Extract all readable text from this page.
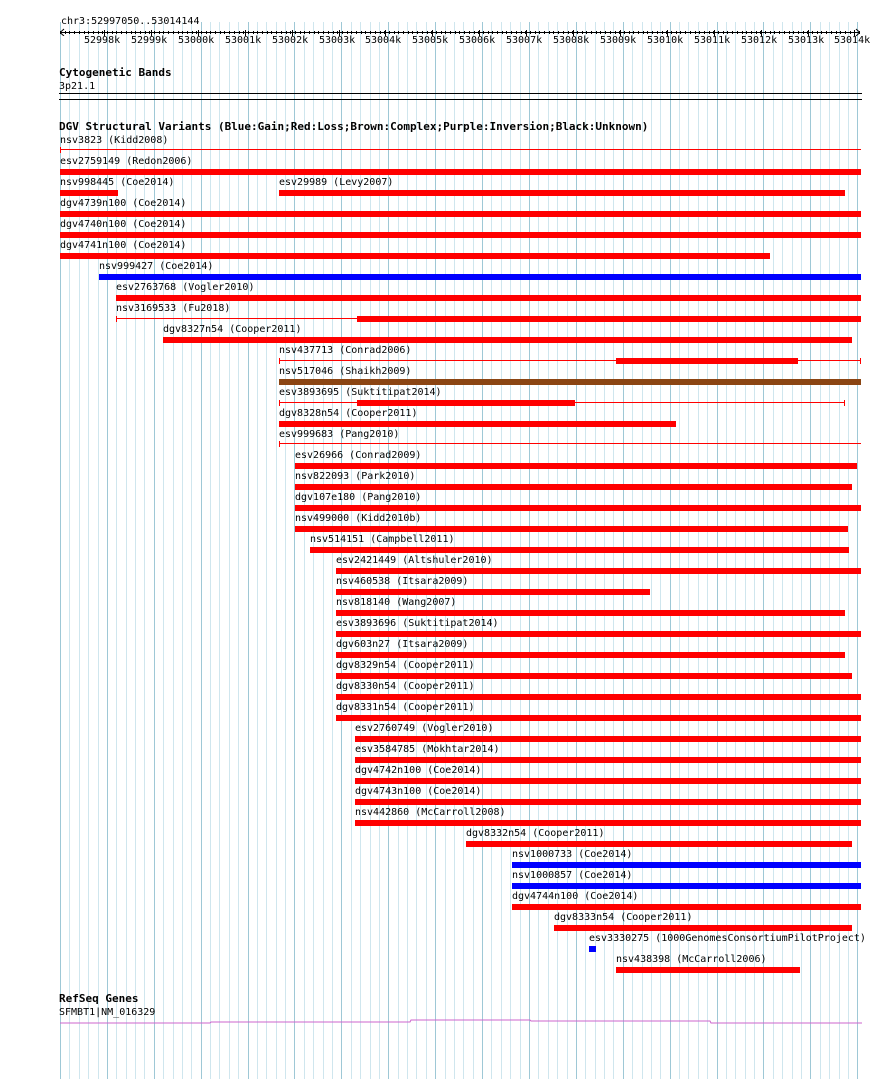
chr3:52997050..53014144
52998k 52999k 53000k 53001k 53002k 53003k 53004k 53005k 53006k 53007k 53008k 53009k 53010k 53011k 53012k 53013k 53014k
Cytogenetic Bands
3p21.1
DGV Structural Variants (Blue:Gain;Red:Loss;Brown:Complex;Purple:Inversion;Black:Unknown)
nsv3823 (Kidd2008)
esv2759149 (Redon2006)
nsv998445 (Coe2014)	esv29989 (Levy2007)
dgv4739n100 (Coe2014)
dgv4740n100 (Coe2014)
dgv4741n100 (Coe2014)
nsv999427 (Coe2014)
esv2763768 (Vogler2010)
nsv3169533 (Fu2018)
dgv8327n54 (Cooper2011)
nsv437713 (Conrad2006)
nsv517046 (Shaikh2009)
esv3893695 (Suktitipat2014)
dgv8328n54 (Cooper2011)
esv999683 (Pang2010)
esv26966 (Conrad2009)
nsv822093 (Park2010)
dgv107e180 (Pang2010)
nsv499000 (Kidd2010b)
nsv514151 (Campbell2011)
esv2421449 (Altshuler2010)
nsv460538 (Itsara2009)
nsv818140 (Wang2007)
esv3893696 (Suktitipat2014)
dgv603n27 (Itsara2009)
dgv8329n54 (Cooper2011)
dgv8330n54 (Cooper2011)
dgv8331n54 (Cooper2011)
esv2760749 (Vogler2010)
esv3584785 (Mokhtar2014)
dgv4742n100 (Coe2014)
dgv4743n100 (Coe2014)
nsv442860 (McCarroll2008)
dgv8332n54 (Cooper2011)
nsv1000733 (Coe2014)
nsv1000857 (Coe2014)
dgv4744n100 (Coe2014)
dgv8333n54 (Cooper2011)
esv3330275 (1000GenomesConsortiumPilotProject)
nsv438398 (McCarroll2006)
RefSeq Genes
SFMBT1|NM_016329
